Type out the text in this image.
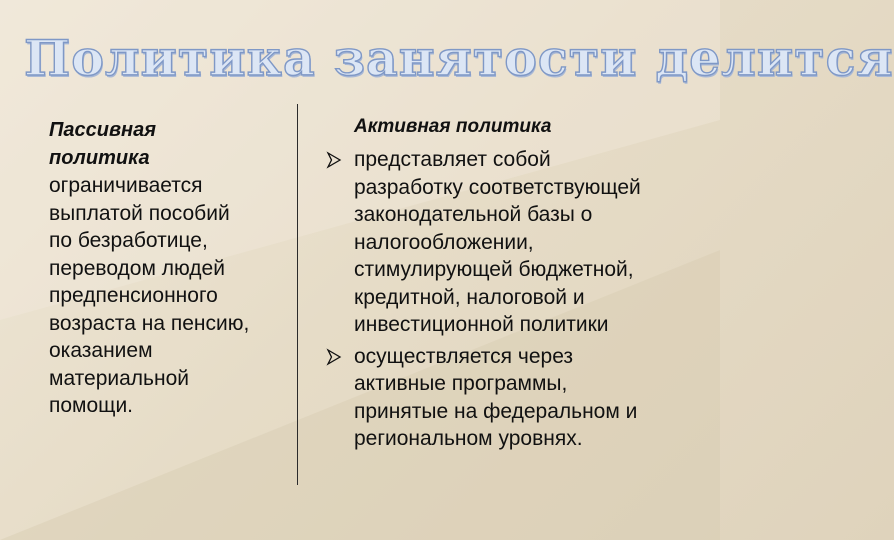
Политика занятости делится
Пассивная
политика
ограничивается
выплатой пособий
по безработице,
переводом людей
предпенсионного
возраста на пенсию,
оказанием
материальной
помощи.
Активная политика
представляет собой
разработку соответствующей
законодательной базы о
налогообложении,
стимулирующей бюджетной,
кредитной, налоговой и
инвестиционной политики
осуществляется через
активные программы,
принятые на федеральном и
региональном уровнях.
